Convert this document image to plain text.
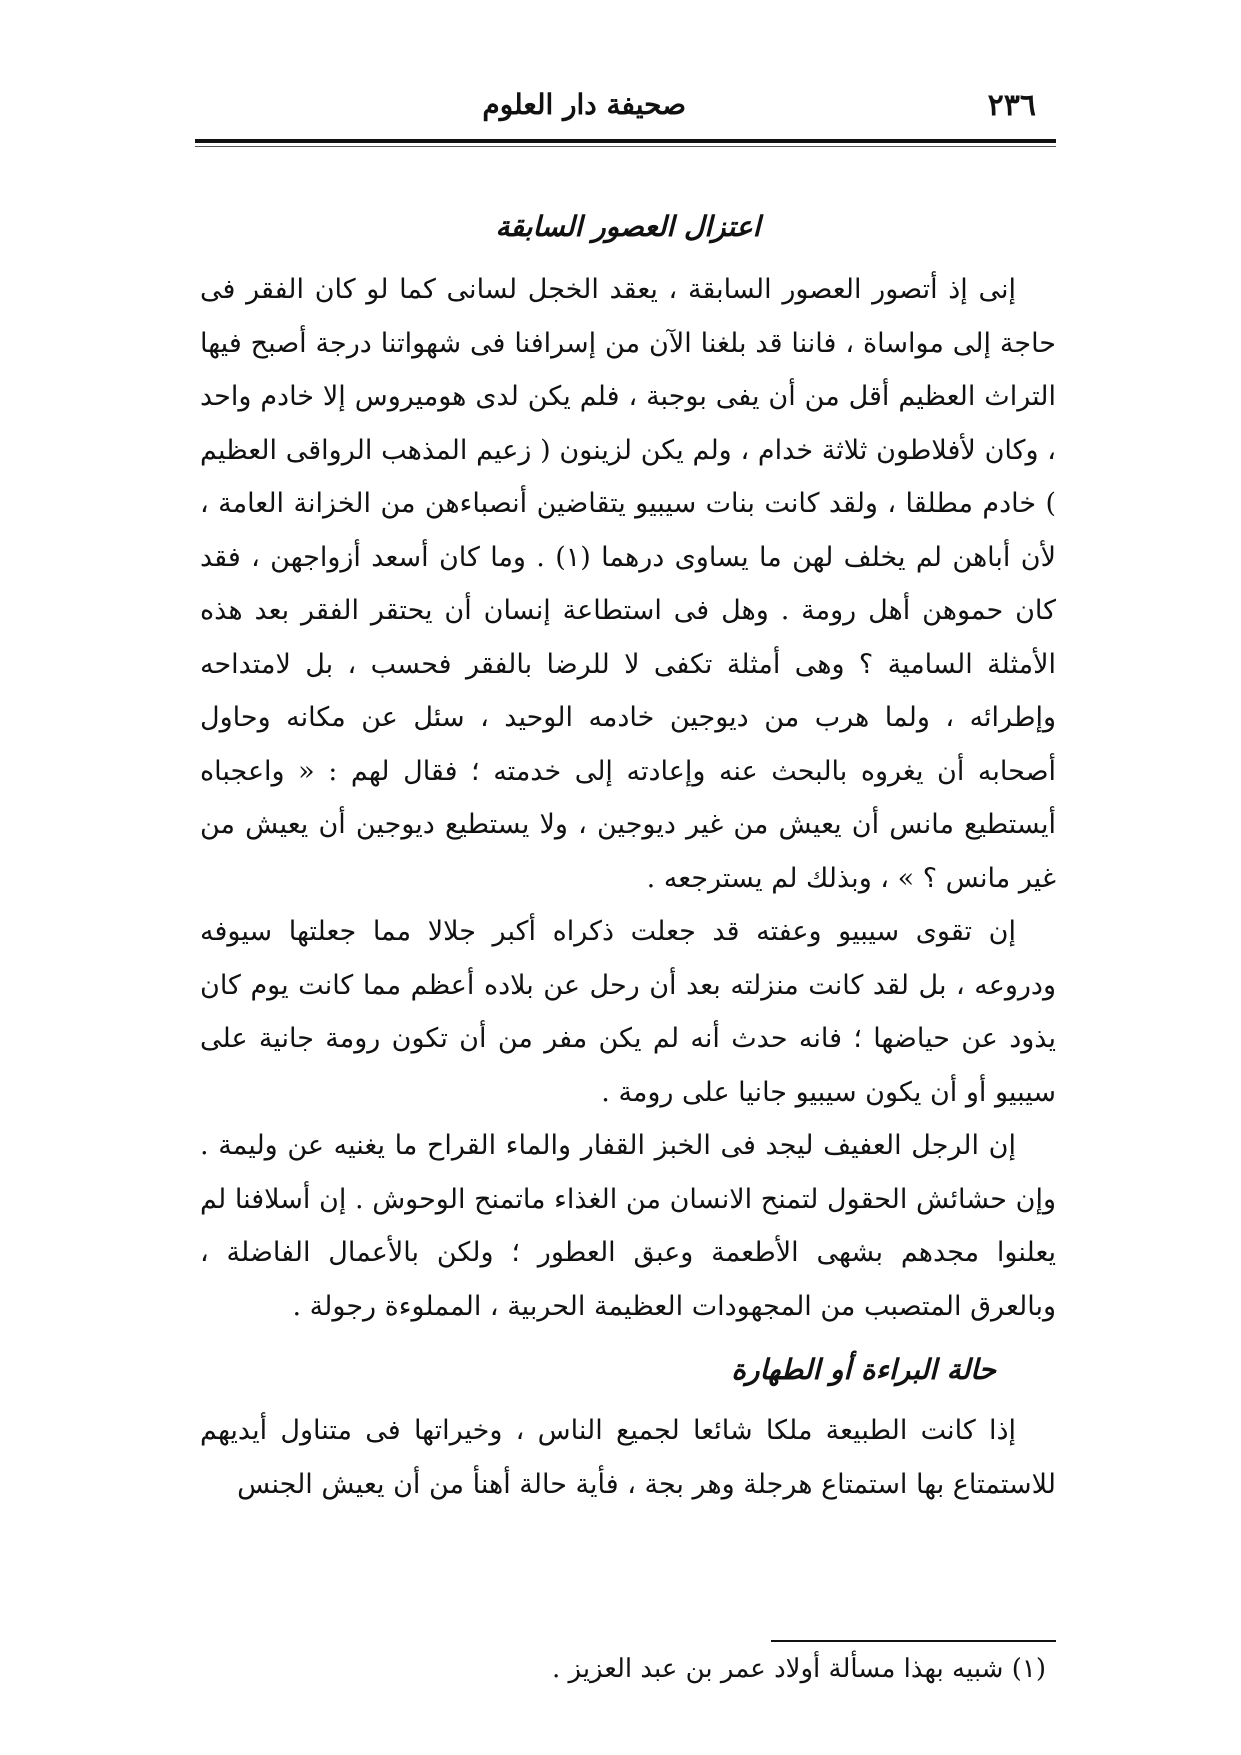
٢٣٦
صحيفة دار العلوم
اعتزال العصور السابقة

إنى إذ أتصور العصور السابقة ، يعقد الخجل لسانى كما لو كان الفقر فى حاجة إلى مواساة ، فاننا قد بلغنا الآن من إسرافنا فى شهواتنا درجة أصبح فيها التراث العظيم أقل من أن يفى بوجبة ، فلم يكن لدى هوميروس إلا خادم واحد ، وكان لأفلاطون ثلاثة خدام ، ولم يكن لزينون ( زعيم المذهب الرواقى العظيم ) خادم مطلقا ، ولقد كانت بنات سيبيو يتقاضين أنصباءهن من الخزانة العامة ، لأن أباهن لم يخلف لهن ما يساوى درهما (١) . وما كان أسعد أزواجهن ، فقد كان حموهن أهل رومة . وهل فى استطاعة إنسان أن يحتقر الفقر بعد هذه الأمثلة السامية ؟ وهى أمثلة تكفى لا للرضا بالفقر فحسب ، بل لامتداحه وإطرائه ، ولما هرب من ديوجين خادمه الوحيد ، سئل عن مكانه وحاول أصحابه أن يغروه بالبحث عنه وإعادته إلى خدمته ؛ فقال لهم : « واعجباه أيستطيع مانس أن يعيش من غير ديوجين ، ولا يستطيع ديوجين أن يعيش من غير مانس ؟ » ، وبذلك لم يسترجعه .

إن تقوى سيبيو وعفته قد جعلت ذكراه أكبر جلالا مما جعلتها سيوفه ودروعه ، بل لقد كانت منزلته بعد أن رحل عن بلاده أعظم مما كانت يوم كان يذود عن حياضها ؛ فانه حدث أنه لم يكن مفر من أن تكون رومة جانية على سيبيو أو أن يكون سيبيو جانيا على رومة .

إن الرجل العفيف ليجد فى الخبز القفار والماء القراح ما يغنيه عن وليمة . وإن حشائش الحقول لتمنح الانسان من الغذاء ماتمنح الوحوش . إن أسلافنا لم يعلنوا مجدهم بشهى الأطعمة وعبق العطور ؛ ولكن بالأعمال الفاضلة ، وبالعرق المتصبب من المجهودات العظيمة الحربية ، المملوءة رجولة .

حالة البراءة أو الطهارة

إذا كانت الطبيعة ملكا شائعا لجميع الناس ، وخيراتها فى متناول أيديهم للاستمتاع بها استمتاع هرجلة وهر بجة ، فأية حالة أهنأ من أن يعيش الجنس

(١) شبيه بهذا مسألة أولاد عمر بن عبد العزيز .
